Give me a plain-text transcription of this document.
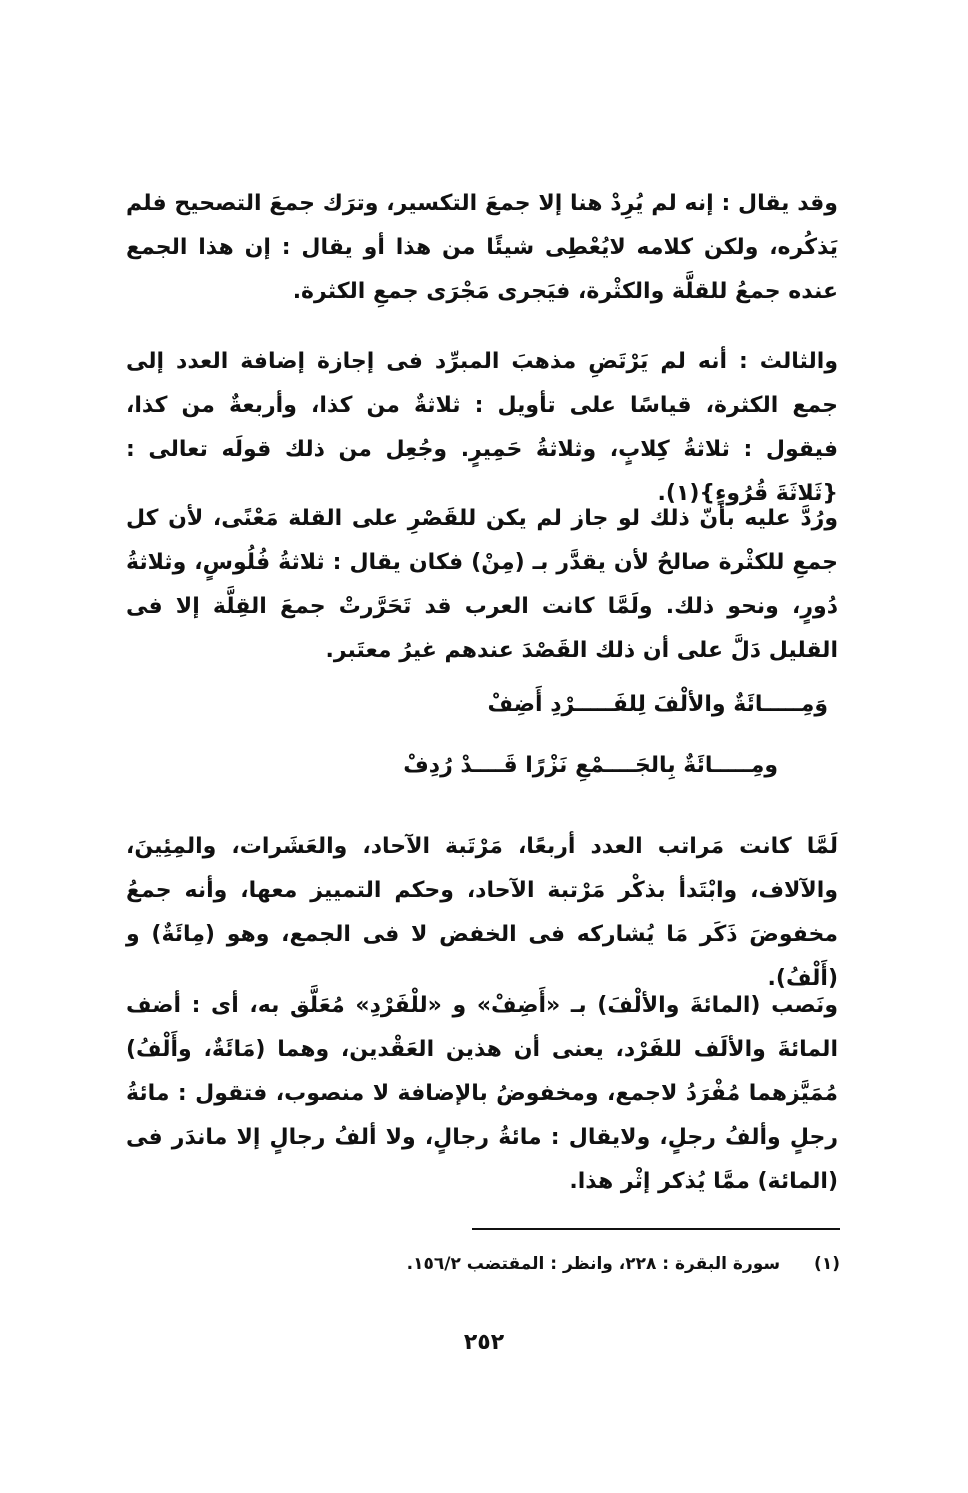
وقد يقال : إنه لم يُرِدْ هنا إلا جمعَ التكسير، وترَك جمعَ التصحيح فلم يَذكُره، ولكن كلامه لايُعْطِى شيئًا من هذا أو يقال : إن هذا الجمع عنده جمعُ للقلَّة والكثْرة، فيَجرى مَجْرَى جمعِ الكثرة.

والثالث : أنه لم يَرْتَضِ مذهبَ المبرِّد فى إجازة إضافة العدد إلى جمع الكثرة، قياسًا على تأويل : ثلاثةٌ من كذا، وأربعةٌ من كذا، فيقول : ثلاثةُ كِلابٍ، وثلاثةُ حَمِيرٍ. وجُعِل من ذلك قولَه تعالى : {ثَلاثَةَ قُرُوءٍ}(١).

ورُدَّ عليه بأنّ ذلك لو جاز لم يكن للقَصْرِ على القلة مَعْنًى، لأن كل جمعِ للكثْرة صالحُ لأن يقدَّر بـ (مِنْ) فكان يقال : ثلاثةُ فُلُوسٍ، وثلاثةُ دُورٍ، ونحو ذلك. ولَمَّا كانت العرب قد تَحَرَّرتْ جمعَ القِلَّة إلا فى القليل دَلَّ على أن ذلك القَصْدَ عندهم غيرُ معتَبر.

وَمِـــــائَةٌ والألْفَ لِلفَـــــرْدِ أَضِفْ
ومِـــــائَةٌ بِالجَــــمْعِ نَزْرًا قَــــدْ رُدِفْ

لَمَّا كانت مَراتب العدد أربعًا، مَرْتَبة الآحاد، والعَشَرات، والمِئِينَ، والآلاف، وابْتَدأ بذكْر مَرْتبة الآحاد، وحكم التمييز معها، وأنه جمعُ مخفوضَ ذَكَر مَا يُشاركه فى الخفض لا فى الجمع، وهو (مِائَةٌ) و (أَلْفُ).

ونَصب (المائةَ والألْفَ) بـ «أَضِفْ» و «للْفَرْدِ» مُعَلَّق به، أى : أضف المائةَ والألَف للفَرْد، يعنى أن هذين العَقْدين، وهما (مَائَةٌ، وأَلْفُ) مُمَيَّزهما مُفْرَدُ لاجمع، ومخفوضُ بالإضافة لا منصوب، فتقول : مائةُ رجلٍ وألفُ رجلٍ، ولايقال : مائةُ رجالٍ، ولا ألفُ رجالٍ إلا ماندَر فى (المائة) ممَّا يُذكر إثْر هذا.

(١) سورة البقرة : ٢٢٨، وانظر : المقتضب ١٥٦/٢.
٢٥٢
